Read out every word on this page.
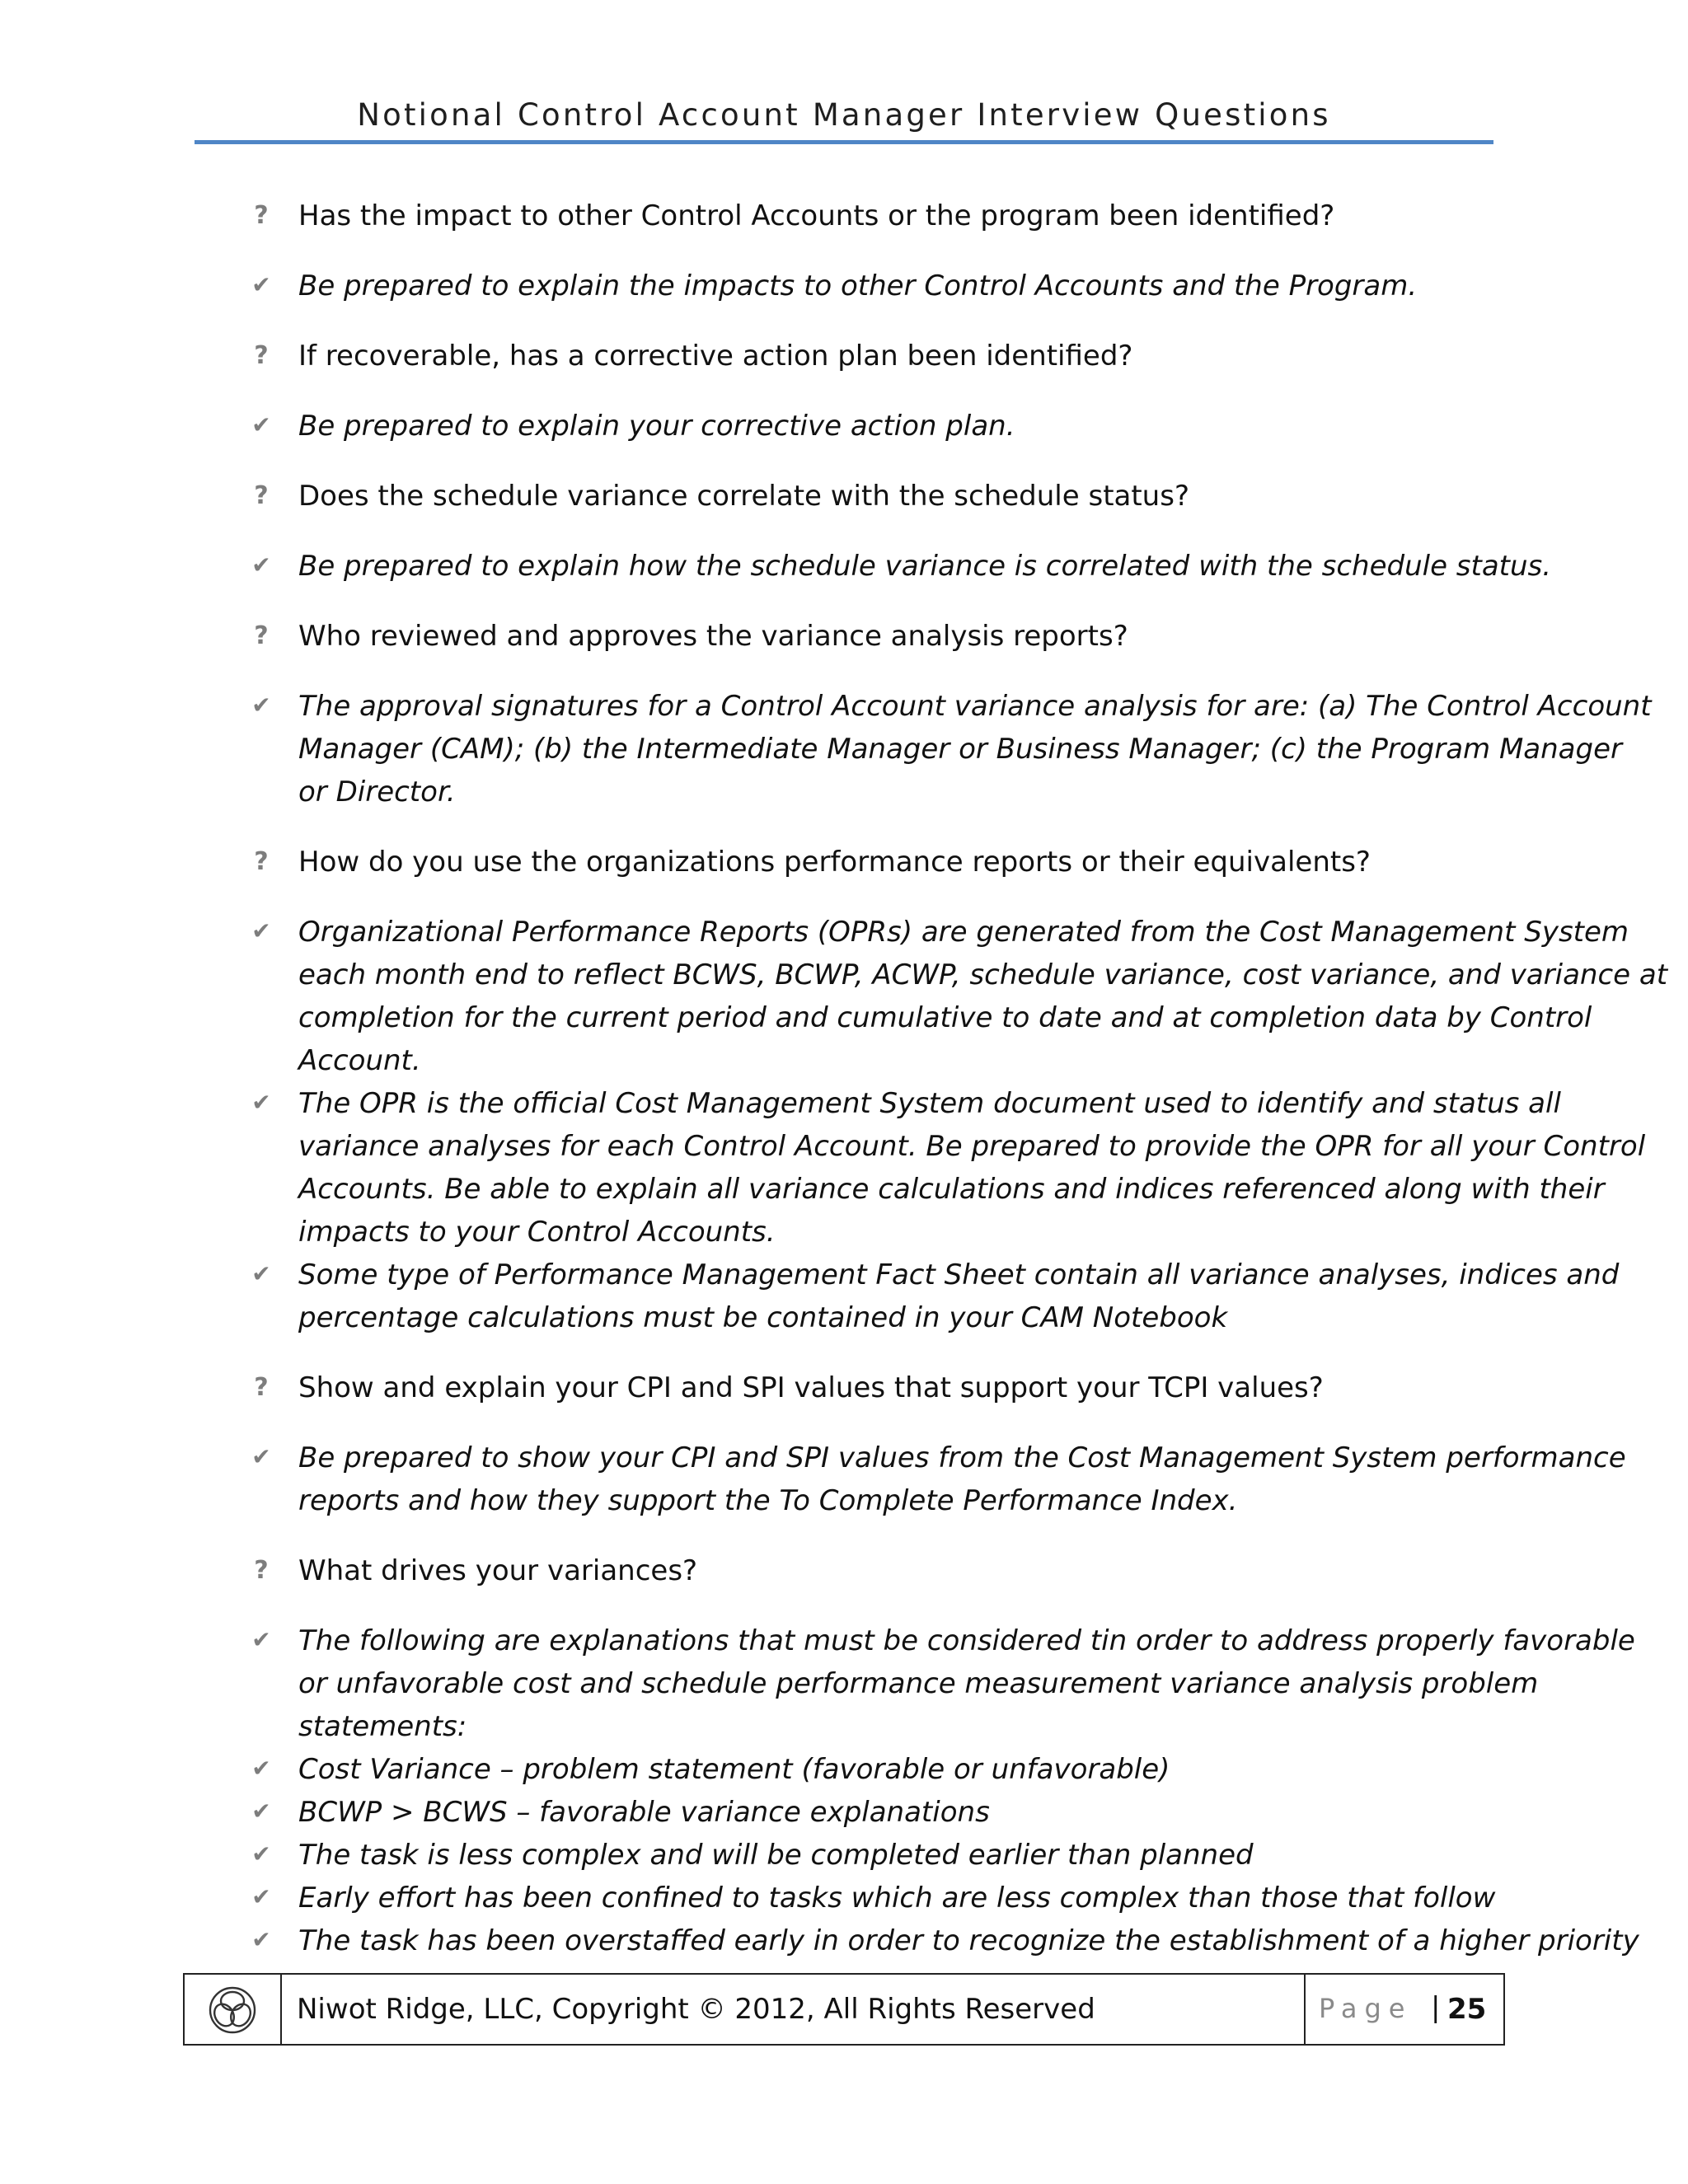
Notional Control Account Manager Interview Questions
? Has the impact to other Control Accounts or the program been identified?
✔ Be prepared to explain the impacts to other Control Accounts and the Program.
? If recoverable, has a corrective action plan been identified?
✔ Be prepared to explain your corrective action plan.
? Does the schedule variance correlate with the schedule status?
✔ Be prepared to explain how the schedule variance is correlated with the schedule status.
? Who reviewed and approves the variance analysis reports?
✔ The approval signatures for a Control Account variance analysis for are: (a) The Control Account
Manager (CAM); (b) the Intermediate Manager or Business Manager; (c) the Program Manager
or Director.
? How do you use the organizations performance reports or their equivalents?
✔ Organizational Performance Reports (OPRs) are generated from the Cost Management System
each month end to reflect BCWS, BCWP, ACWP, schedule variance, cost variance, and variance at
completion for the current period and cumulative to date and at completion data by Control
Account.
✔ The OPR is the official Cost Management System document used to identify and status all
variance analyses for each Control Account. Be prepared to provide the OPR for all your Control
Accounts. Be able to explain all variance calculations and indices referenced along with their
impacts to your Control Accounts.
✔ Some type of Performance Management Fact Sheet contain all variance analyses, indices and
percentage calculations must be contained in your CAM Notebook
? Show and explain your CPI and SPI values that support your TCPI values?
✔ Be prepared to show your CPI and SPI values from the Cost Management System performance
reports and how they support the To Complete Performance Index.
? What drives your variances?
✔ The following are explanations that must be considered tin order to address properly favorable
or unfavorable cost and schedule performance measurement variance analysis problem
statements:
✔ Cost Variance – problem statement (favorable or unfavorable)
✔ BCWP > BCWS – favorable variance explanations
✔ The task is less complex and will be completed earlier than planned
✔ Early effort has been confined to tasks which are less complex than those that follow
✔ The task has been overstaffed early in order to recognize the establishment of a higher priority
Niwot Ridge, LLC, Copyright © 2012, All Rights Reserved	Page | 25
